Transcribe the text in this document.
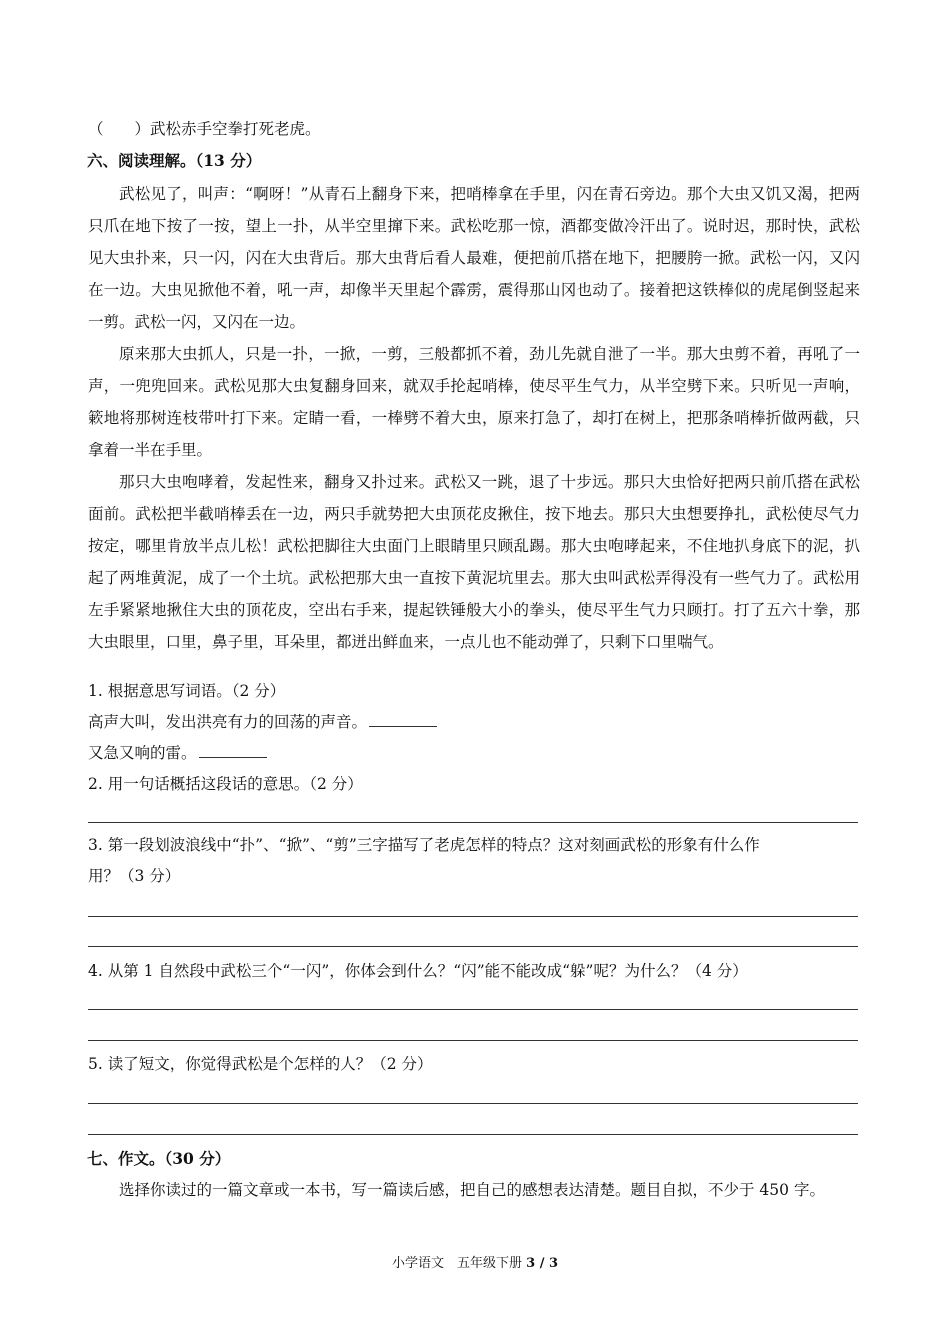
（　　）武松赤手空拳打死老虎。
六、阅读理解。（13 分）

武松见了，叫声：“啊呀！”从青石上翻身下来，把哨棒拿在手里，闪在青石旁边。那个大虫又饥又渴，把两只爪在地下按了一按，望上一扑，从半空里撺下来。武松吃那一惊，酒都变做冷汗出了。说时迟，那时快，武松见大虫扑来，只一闪，闪在大虫背后。那大虫背后看人最难，便把前爪搭在地下，把腰胯一掀。武松一闪，又闪在一边。大虫见掀他不着，吼一声，却像半天里起个霹雳，震得那山冈也动了。接着把这铁棒似的虎尾倒竖起来一剪。武松一闪，又闪在一边。

原来那大虫抓人，只是一扑，一掀，一剪，三般都抓不着，劲儿先就自泄了一半。那大虫剪不着，再吼了一声，一兜兜回来。武松见那大虫复翻身回来，就双手抡起哨棒，使尽平生气力，从半空劈下来。只听见一声响，簌地将那树连枝带叶打下来。定睛一看，一棒劈不着大虫，原来打急了，却打在树上，把那条哨棒折做两截，只拿着一半在手里。

那只大虫咆哮着，发起性来，翻身又扑过来。武松又一跳，退了十步远。那只大虫恰好把两只前爪搭在武松面前。武松把半截哨棒丢在一边，两只手就势把大虫顶花皮揪住，按下地去。那只大虫想要挣扎，武松使尽气力按定，哪里肯放半点儿松！武松把脚往大虫面门上眼睛里只顾乱踢。那大虫咆哮起来，不住地扒身底下的泥，扒起了两堆黄泥，成了一个土坑。武松把那大虫一直按下黄泥坑里去。那大虫叫武松弄得没有一些气力了。武松用左手紧紧地揪住大虫的顶花皮，空出右手来，提起铁锤般大小的拳头，使尽平生气力只顾打。打了五六十拳，那大虫眼里，口里，鼻子里，耳朵里，都迸出鲜血来，一点儿也不能动弹了，只剩下口里喘气。

1. 根据意思写词语。（2 分）
高声大叫，发出洪亮有力的回荡的声音。
又急又响的雷。
2. 用一句话概括这段话的意思。（2 分）
3. 第一段划波浪线中“扑”、“掀”、“剪”三字描写了老虎怎样的特点？这对刻画武松的形象有什么作
用？（3 分）
4. 从第 1 自然段中武松三个“一闪”，你体会到什么？“闪”能不能改成“躲”呢？为什么？（4 分）
5. 读了短文，你觉得武松是个怎样的人？（2 分）
七、作文。（30 分）
选择你读过的一篇文章或一本书，写一篇读后感，把自己的感想表达清楚。题目自拟，不少于 450 字。
小学语文　五年级下册 3 / 3
